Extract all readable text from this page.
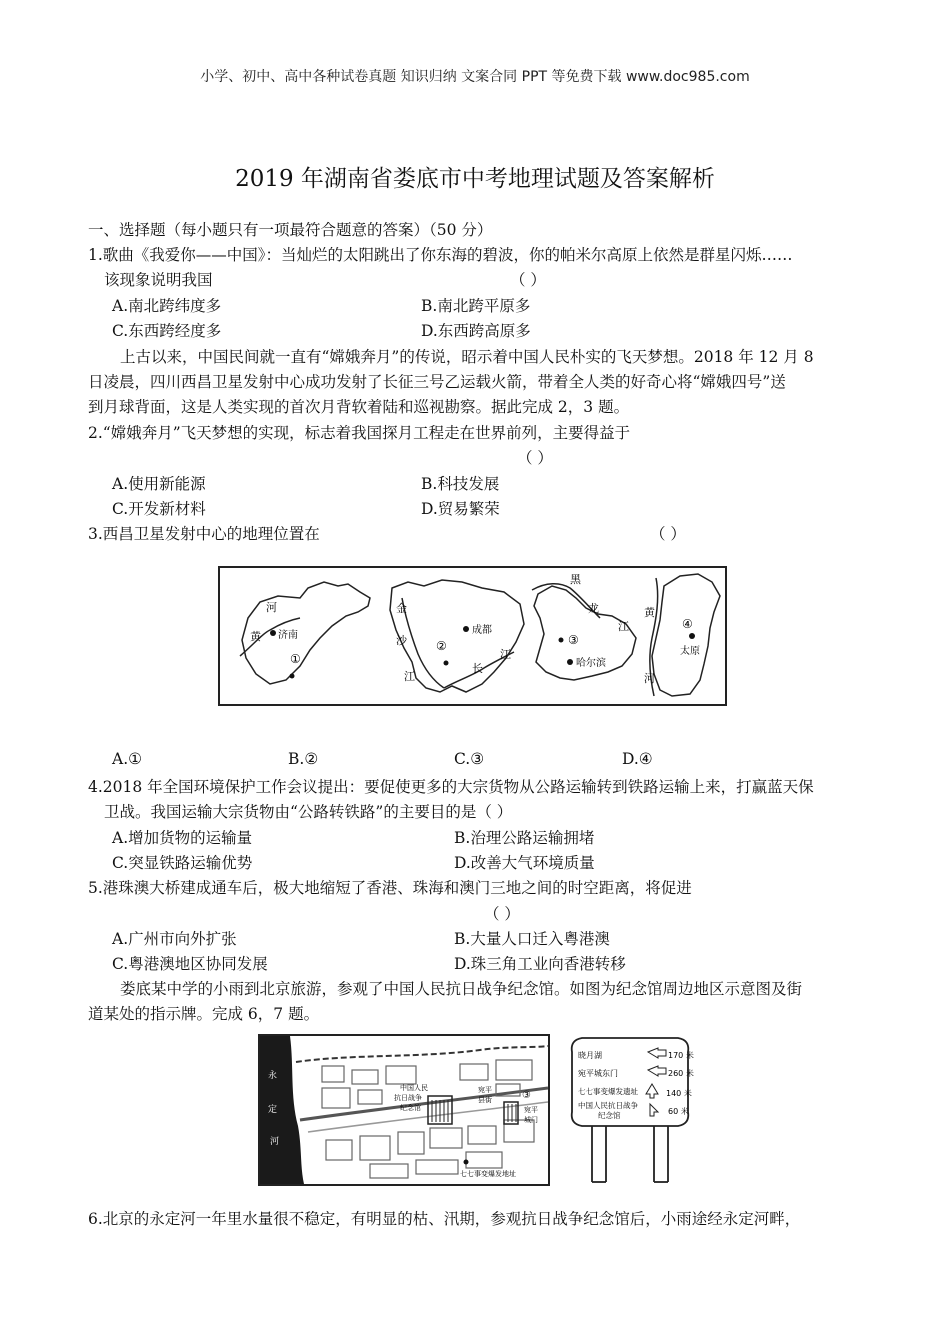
小学、初中、高中各种试卷真题 知识归纳 文案合同 PPT 等免费下载 www.doc985.com
2019 年湖南省娄底市中考地理试题及答案解析
一、选择题（每小题只有一项最符合题意的答案）（50 分）
1.歌曲《我爱你——中国》：当灿烂的太阳跳出了你东海的碧波，你的帕米尔高原上依然是群星闪烁……
该现象说明我国	（ ）
A.南北跨纬度多	B.南北跨平原多
C.东西跨经度多	D.东西跨高原多
上古以来，中国民间就一直有“嫦娥奔月”的传说，昭示着中国人民朴实的飞天梦想。2018 年 12 月 8
日凌晨，四川西昌卫星发射中心成功发射了长征三号乙运载火箭，带着全人类的好奇心将“嫦娥四号”送
到月球背面，这是人类实现的首次月背软着陆和巡视勘察。据此完成 2，3 题。
2.“嫦娥奔月”飞天梦想的实现，标志着我国探月工程走在世界前列，主要得益于
（ ）
A.使用新能源	B.科技发展
C.开发新材料	D.贸易繁荣
3.西昌卫星发射中心的地理位置在	（ ）
河
黄 济南
①
金
沙
江
成都
②
长
江
黑
龙
江
③
哈尔滨
黄
河
④
太原
A.①	B.②	C.③	D.④
4.2018 年全国环境保护工作会议提出：要促使更多的大宗货物从公路运输转到铁路运输上来，打赢蓝天保
卫战。我国运输大宗货物由“公路转铁路”的主要目的是（ ）
A.增加货物的运输量	B.治理公路运输拥堵
C.突显铁路运输优势	D.改善大气环境质量
5.港珠澳大桥建成通车后，极大地缩短了香港、珠海和澳门三地之间的时空距离，将促进
（ ）
A.广州市向外扩张	B.大量人口迁入粤港澳
C.粤港澳地区协同发展	D.珠三角工业向香港转移
娄底某中学的小雨到北京旅游，参观了中国人民抗日战争纪念馆。如图为纪念馆周边地区示意图及街
道某处的指示牌。完成 6，7 题。
永
定
河
中国人民
抗日战争
纪念馆
宛平
县街	③
宛平
城门
七七事变爆发地址
晓月湖
宛平城东门
七七事变爆发遗址
中国人民抗日战争
纪念馆
170 米
260 米
140 米
60 米
6.北京的永定河一年里水量很不稳定，有明显的枯、汛期，参观抗日战争纪念馆后，小雨途经永定河畔，
